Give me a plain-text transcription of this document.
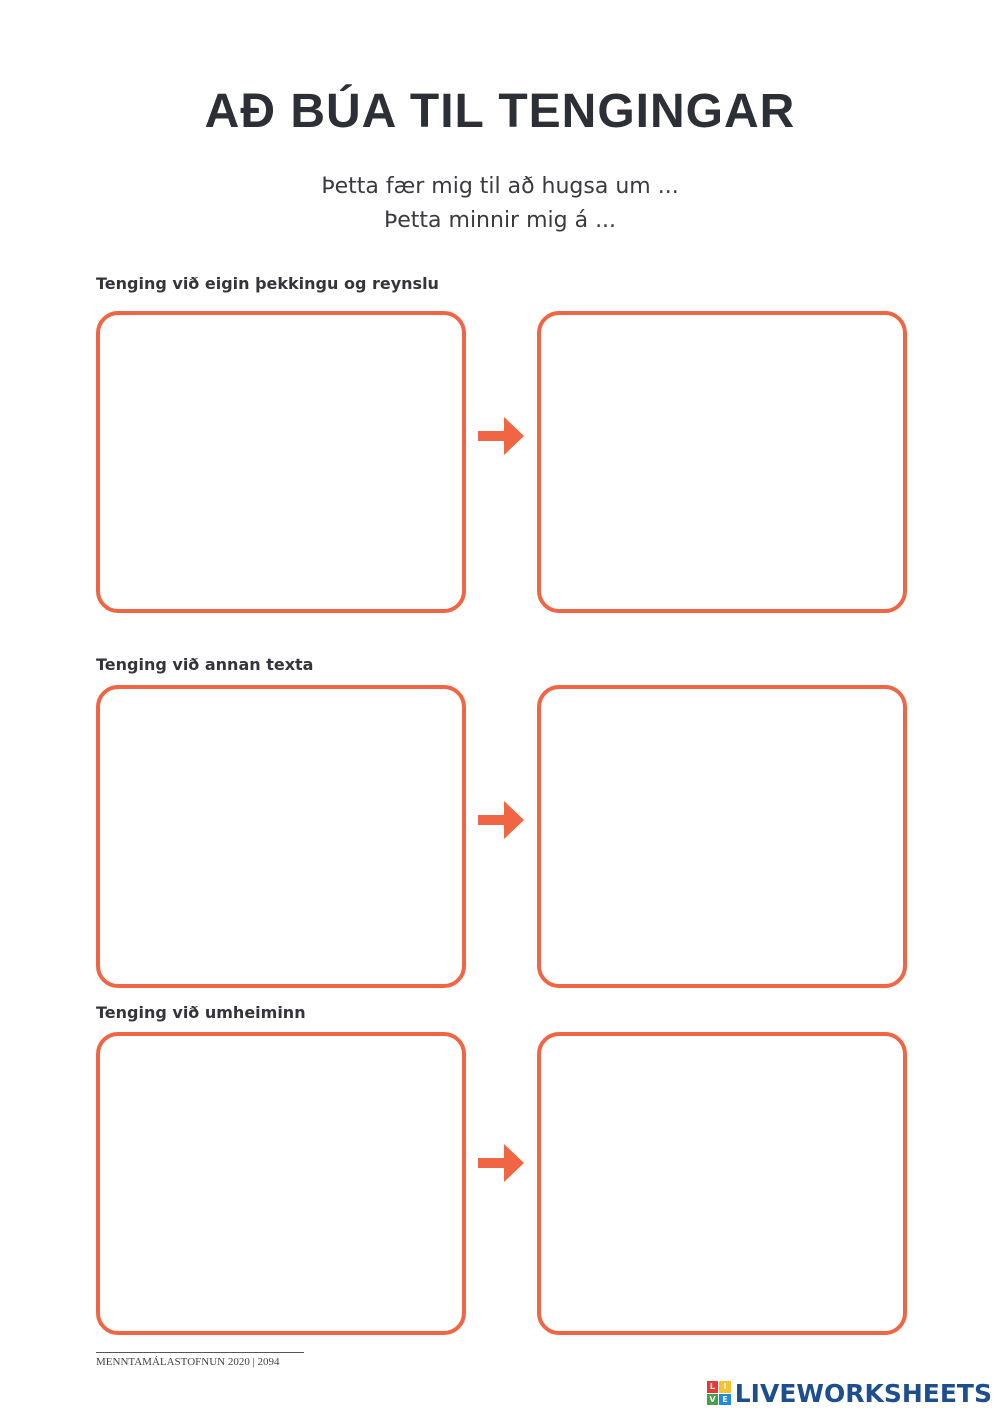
AÐ BÚA TIL TENGINGAR
Þetta fær mig til að hugsa um ...
Þetta minnir mig á ...
Tenging við eigin þekkingu og reynslu
Tenging við annan texta
Tenging við umheiminn
MENNTAMÁLASTOFNUN 2020 | 2094
L	I
V E LIVEWORKSHEETS
